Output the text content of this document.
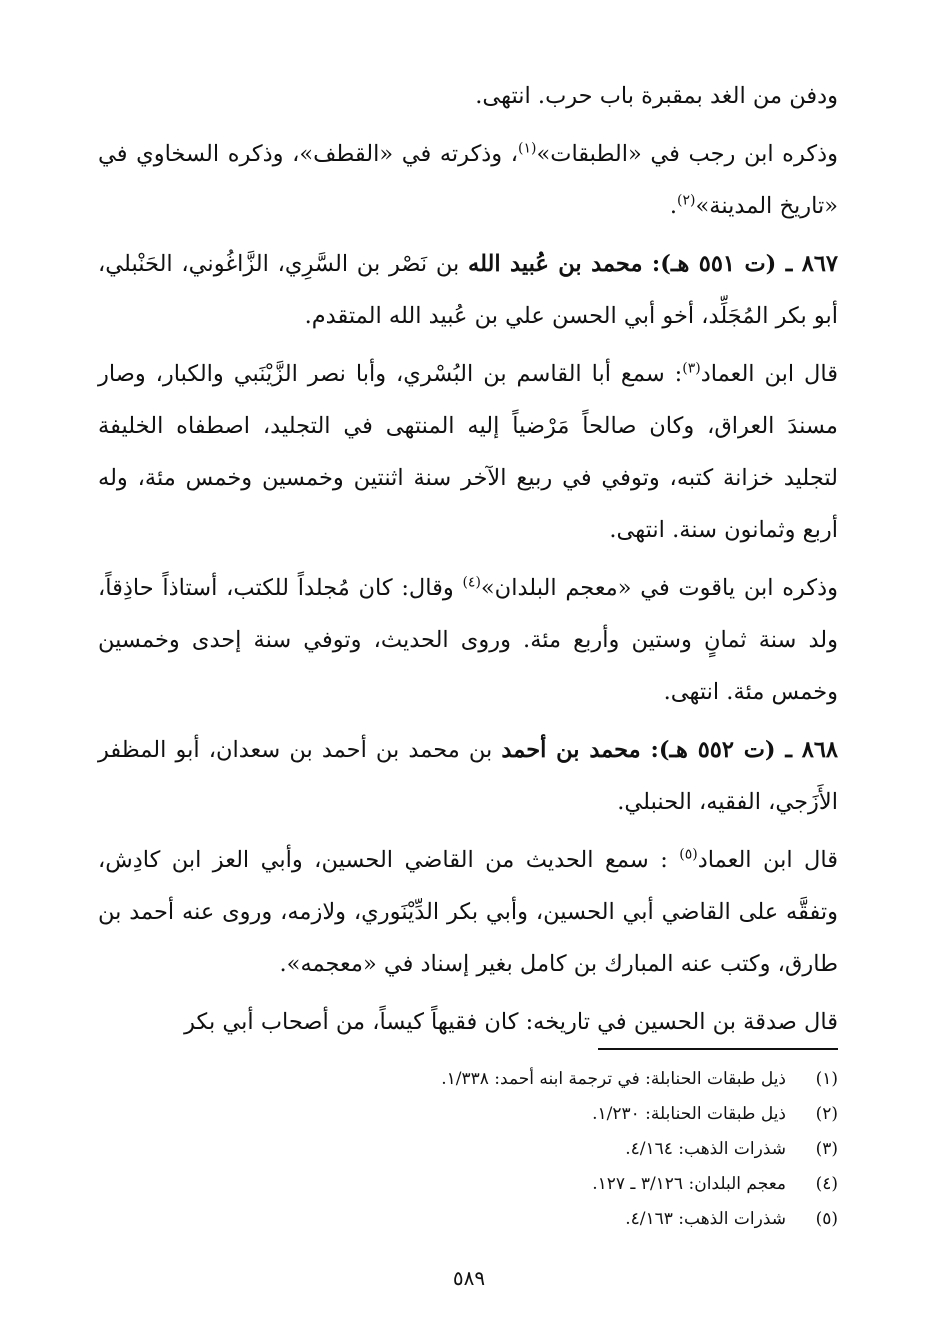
ودفن من الغد بمقبرة باب حرب. انتهى.

وذكره ابن رجب في «الطبقات»$^{(١)}$، وذكرته في «القطف»، وذكره السخاوي في «تاريخ المدينة»$^{(٢)}$.

٨٦٧ ـ (ت ٥٥١ هـ): محمد بن عُبيد الله بن نَصْر بن السَّرِي، الزَّاغُوني، الحَنْبلي، أبو بكر المُجَلِّد، أخو أبي الحسن علي بن عُبيد الله المتقدم.

قال ابن العماد$^{(٣)}$: سمع أبا القاسم بن البُسْري، وأبا نصر الزَّيْنَبي والكبار، وصار مسندَ العراق، وكان صالحاً مَرْضياً إليه المنتهى في التجليد، اصطفاه الخليفة لتجليد خزانة كتبه، وتوفي في ربيع الآخر سنة اثنتين وخمسين وخمس مئة، وله أربع وثمانون سنة. انتهى.

وذكره ابن ياقوت في «معجم البلدان»$^{(٤)}$ وقال: كان مُجلداً للكتب، أستاذاً حاذِقاً، ولد سنة ثمانٍ وستين وأربع مئة. وروى الحديث، وتوفي سنة إحدى وخمسين وخمس مئة. انتهى.

٨٦٨ ـ (ت ٥٥٢ هـ): محمد بن أحمد بن محمد بن أحمد بن سعدان، أبو المظفر الأَزَجي، الفقيه، الحنبلي.

قال ابن العماد$^{(٥)}$ : سمع الحديث من القاضي الحسين، وأبي العز ابن كادِش، وتفقَّه على القاضي أبي الحسين، وأبي بكر الدِّيْنَوري، ولازمه، وروى عنه أحمد بن طارق، وكتب عنه المبارك بن كامل بغير إسناد في «معجمه».

قال صدقة بن الحسين في تاريخه: كان فقيهاً كيساً، من أصحاب أبي بكر

(١)
ذيل طبقات الحنابلة: في ترجمة ابنه أحمد: ١/٣٣٨.
(٢)
ذيل طبقات الحنابلة: ١/٢٣٠.
(٣)
شذرات الذهب: ٤/١٦٤.
(٤)
معجم البلدان: ٣/١٢٦ ـ ١٢٧.
(٥)
شذرات الذهب: ٤/١٦٣.
٥٨٩
